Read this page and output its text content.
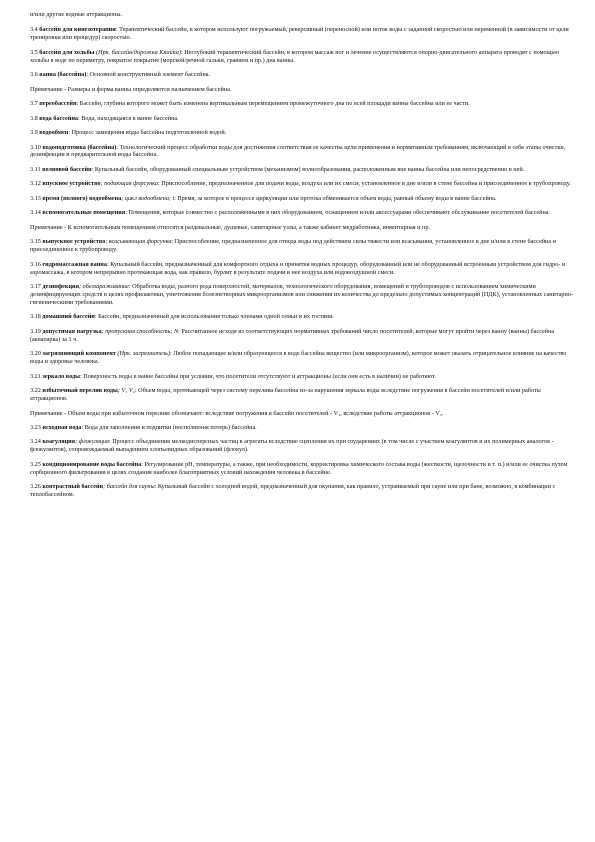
и/или другие водные аттракционы.

3.4 бассейн для кинезотерапии: Терапевтический бассейн, в котором используют погружаемый, реверсивный (переносной) или поток воды с заданной скоростью или переменной (в зависимости от цели тренировки или процедур) скоростью.

3.5 бассейн для хольбы (Нрк. бассейн/дорожка Кнайпа): Неглубокий терапевтический бассейн, в котором массаж ног и лечение осуществляются опорно-двигательного аппарата проводят с помощью хольбы в воде по периметру, покрытое покрытие (морской/речной гальки, гравием и пр.) дна ванны.

3.6 ванна (бассейна): Основной конструктивный элемент бассейна.

Примечание - Размеры и форма ванны определяются назначением бассейна.

3.7 переобассейн: Бассейн, глубина которого может быть изменена вертикальным перемещением промежуточного дна по всей площади ванны бассейна или ее части.

3.8 вода бассейна: Вода, находящаяся в ванне бассейна.

3.9 водообмен: Процесс замещения воды бассейна подготовленной водой.

3.10 водоподготовка (бассейна): Технологический процесс обработки воды для достижения соответствия ее качества цели применения и нормативным требованиям, включающий в себя этапы очистки, дезинфекции и предварительной воды бассейна.

3.11 волновой бассейн: Купальный бассейн, оборудованный специальным устройством (механизмом) волнообразования, расположенным вне ванны бассейна или непосредственно в ней.

3.12 впускное устройство; подающая форсунка: Приспособление, предназначенное для подачи воды, воздуха или их смеси, установленное в дне и/или в стене бассейна и присоединенное к трубопроводу.

3.13 время (полного) водообмена; цикл водообмена; t: Время, за которое в процессе циркуляции или протока обменивается объем воды, равный объему воды в ванне бассейна.

3.14 вспомогательные помещения: Помещения, которые совместно с расположенными в них оборудованием, оснащением и/или аксессуарами обеспечивают обслуживание посетителей бассейна.

Примечание - К вспомогательным помещениям относятся раздевальные, душевые, санитарные узлы, а также кабинет медработника, инвентарная и пр.

3.15 выпускное устройство; всасывающая форсунка: Приспособление, предназначенное для отвода воды под действием силы тяжести или всасывания, установленное в дне и/или в стене бассейна и присоединенное к трубопроводу.

3.16 гидромассажная ванна: Купальный бассейн, предназначенный для комфортного отдыха и принятия водных процедур, оборудованный или не оборудованный встроенным устройством для гидро- и аэромассажа, в котором непрерывно протекающая вода, как правило, бурлит в результате подачи в нее воздуха или водовоздушной смеси.

3.17 дезинфекция; обеззараживание: Обработка воды, разного рода поверхностей, материалов, технологического оборудования, помещений и трубопроводов с использованием химическими дезинфицирующих средств в целях профилактики, уничтожения болезнетворных микроорганизмов или снижения их количества до предельно допустимых концентраций (ПДК), установленных санитарно-гигиеническими требованиями.

3.18 домашний бассейн: Бассейн, предназначенный для использования только членами одной семьи и их гостями.

3.19 допустимая нагрузка; пропускная способность; N: Рассчитанное исходя из соответствующих нормативных требований число посетителей, которые могут пройти через ванну (ванны) бассейна (аквапарка) за 1 ч.

3.20 загрязняющий компонент (Нрк. загрязнитель): Любое попадающее и/или образующееся в воде бассейна вещество (или микроорганизм), которое может оказать отрицательное влияние на качество воды и здоровье человека.

3.21 зеркало воды: Поверхность воды в ванне бассейна при условии, что посетители отсутствуют и аттракционы (если они есть в наличии) не работают.

3.22 избыточный перелив воды; V₁ V₂: Объем воды, протекающей через систему перелива бассейна из-за нарушения зеркала воды вследствие погружения в бассейн посетителей и/или работы аттракционов.

Примечание - Объем воды при избыточном переливе обозначают: вследствие погружения в бассейн посетителей - V₁, вследствие работы аттракционов - V₂.

3.23 исходная вода: Вода для заполнения и подпитки (восполнения потерь) бассейна.

3.24 коагуляция; флокуляция: Процесс объединения мелкодисперсных частиц в агрегаты вследствие сцепления их при соударениях (в том числе с участием коагулянтов и их полимерных аналогов - флокулянтов), сопровождаемый выпадением хлопьевидных образований (флокул).

3.25 кондиционирование воды бассейна: Регулирование pH, температуры, а также, при необходимости, корректировка химического состава воды (жесткости, щелочности и т. п.) и/или ее очистка путем сорбционного фильтрования в целях создания наиболее благоприятных условий нахождения человека в бассейне.

3.26 контрастный бассейн; бассейн для сауны: Купальный бассейн с холодной водой, предназначенный для окунания, как правило, устраиваемый при сауне или при бане, возможно, в комбинации с теплобассейном.
